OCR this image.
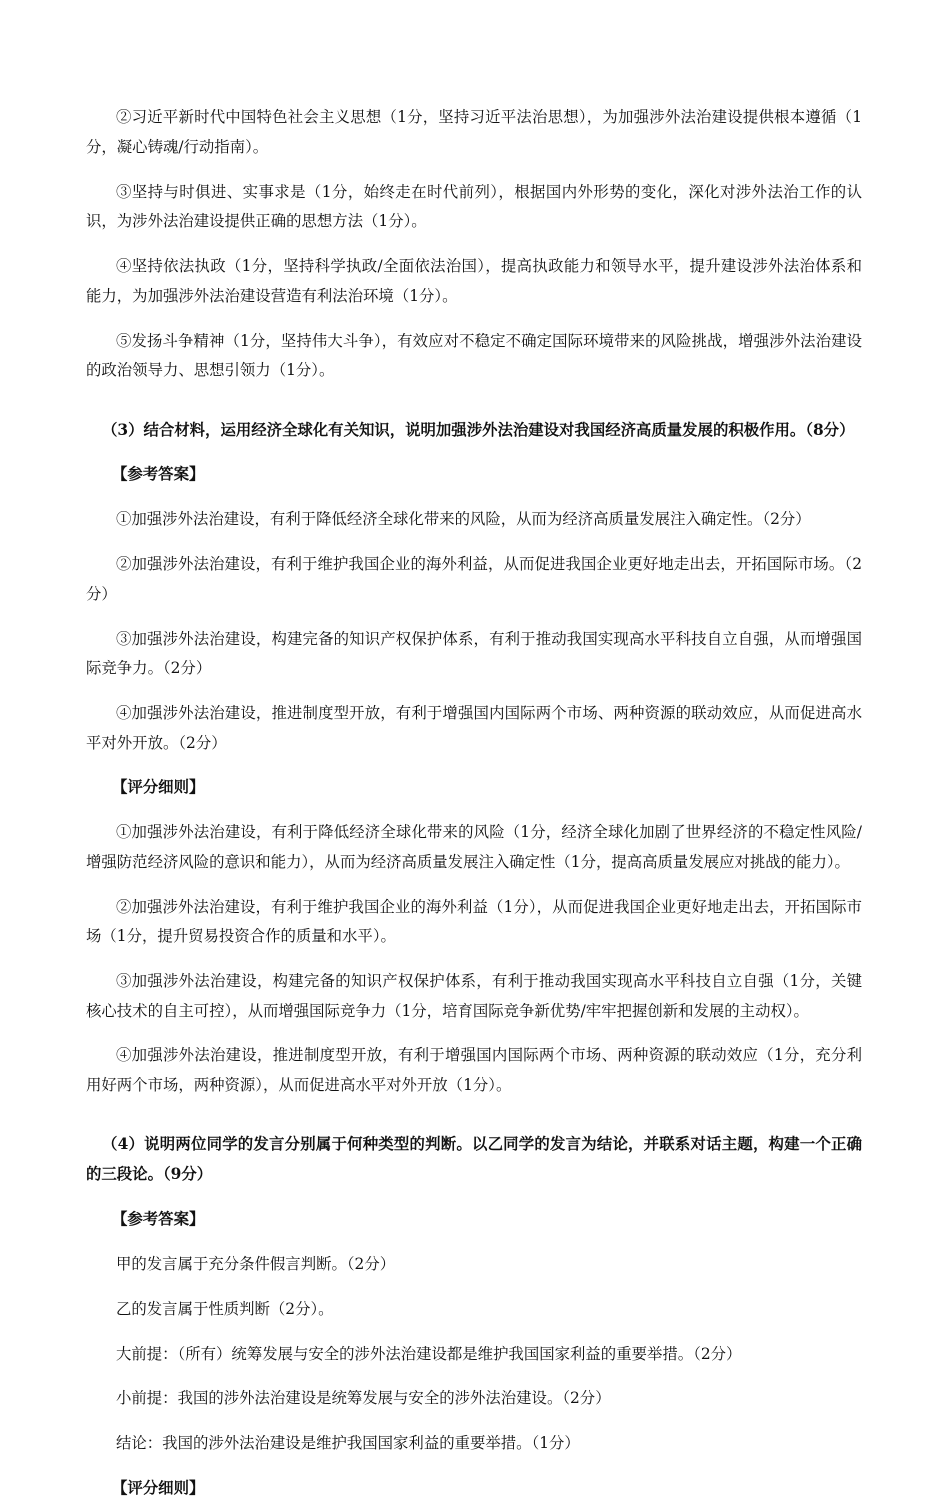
②习近平新时代中国特色社会主义思想（1分，坚持习近平法治思想），为加强涉外法治建设提供根本遵循（1分，凝心铸魂/行动指南）。

③坚持与时俱进、实事求是（1分，始终走在时代前列），根据国内外形势的变化，深化对涉外法治工作的认识，为涉外法治建设提供正确的思想方法（1分）。

④坚持依法执政（1分，坚持科学执政/全面依法治国），提高执政能力和领导水平，提升建设涉外法治体系和能力，为加强涉外法治建设营造有利法治环境（1分）。

⑤发扬斗争精神（1分，坚持伟大斗争），有效应对不稳定不确定国际环境带来的风险挑战，增强涉外法治建设的政治领导力、思想引领力（1分）。

（3）结合材料，运用经济全球化有关知识，说明加强涉外法治建设对我国经济高质量发展的积极作用。（8分）

【参考答案】

①加强涉外法治建设，有利于降低经济全球化带来的风险，从而为经济高质量发展注入确定性。（2分）

②加强涉外法治建设，有利于维护我国企业的海外利益，从而促进我国企业更好地走出去，开拓国际市场。（2分）

③加强涉外法治建设，构建完备的知识产权保护体系，有利于推动我国实现高水平科技自立自强，从而增强国际竞争力。（2分）

④加强涉外法治建设，推进制度型开放，有利于增强国内国际两个市场、两种资源的联动效应，从而促进高水平对外开放。（2分）

【评分细则】

①加强涉外法治建设，有利于降低经济全球化带来的风险（1分，经济全球化加剧了世界经济的不稳定性风险/增强防范经济风险的意识和能力），从而为经济高质量发展注入确定性（1分，提高高质量发展应对挑战的能力）。

②加强涉外法治建设，有利于维护我国企业的海外利益（1分），从而促进我国企业更好地走出去，开拓国际市场（1分，提升贸易投资合作的质量和水平）。

③加强涉外法治建设，构建完备的知识产权保护体系，有利于推动我国实现高水平科技自立自强（1分，关键核心技术的自主可控），从而增强国际竞争力（1分，培育国际竞争新优势/牢牢把握创新和发展的主动权）。

④加强涉外法治建设，推进制度型开放，有利于增强国内国际两个市场、两种资源的联动效应（1分，充分利用好两个市场，两种资源），从而促进高水平对外开放（1分）。

（4）说明两位同学的发言分别属于何种类型的判断。以乙同学的发言为结论，并联系对话主题，构建一个正确的三段论。（9分）

【参考答案】

甲的发言属于充分条件假言判断。（2分）

乙的发言属于性质判断（2分）。

大前提：（所有）统筹发展与安全的涉外法治建设都是维护我国国家利益的重要举措。（2分）

小前提：我国的涉外法治建设是统筹发展与安全的涉外法治建设。（2分）

结论：我国的涉外法治建设是维护我国国家利益的重要举措。（1分）

【评分细则】
